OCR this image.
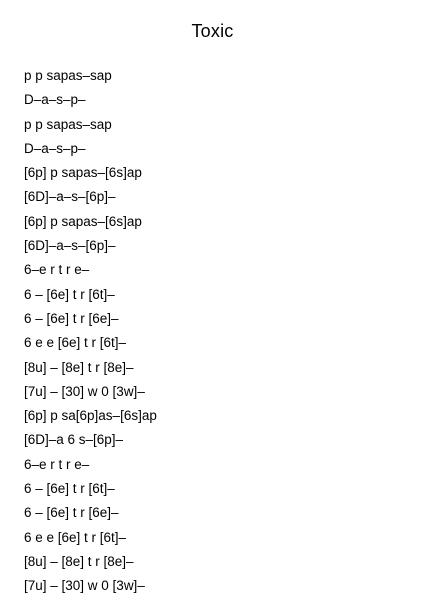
Toxic
p p sapas–sap
D–a–s–p–
p p sapas–sap
D–a–s–p–
[6p] p sapas–[6s]ap
[6D]–a–s–[6p]–
[6p] p sapas–[6s]ap
[6D]–a–s–[6p]–
6–e r t r e–
6 – [6e] t r [6t]–
6 – [6e] t r [6e]–
6 e e [6e] t r [6t]–
[8u] – [8e] t r [8e]–
[7u] – [30] w 0 [3w]–
[6p] p sa[6p]as–[6s]ap
[6D]–a 6 s–[6p]–
6–e r t r e–
6 – [6e] t r [6t]–
6 – [6e] t r [6e]–
6 e e [6e] t r [6t]–
[8u] – [8e] t r [8e]–
[7u] – [30] w 0 [3w]–
